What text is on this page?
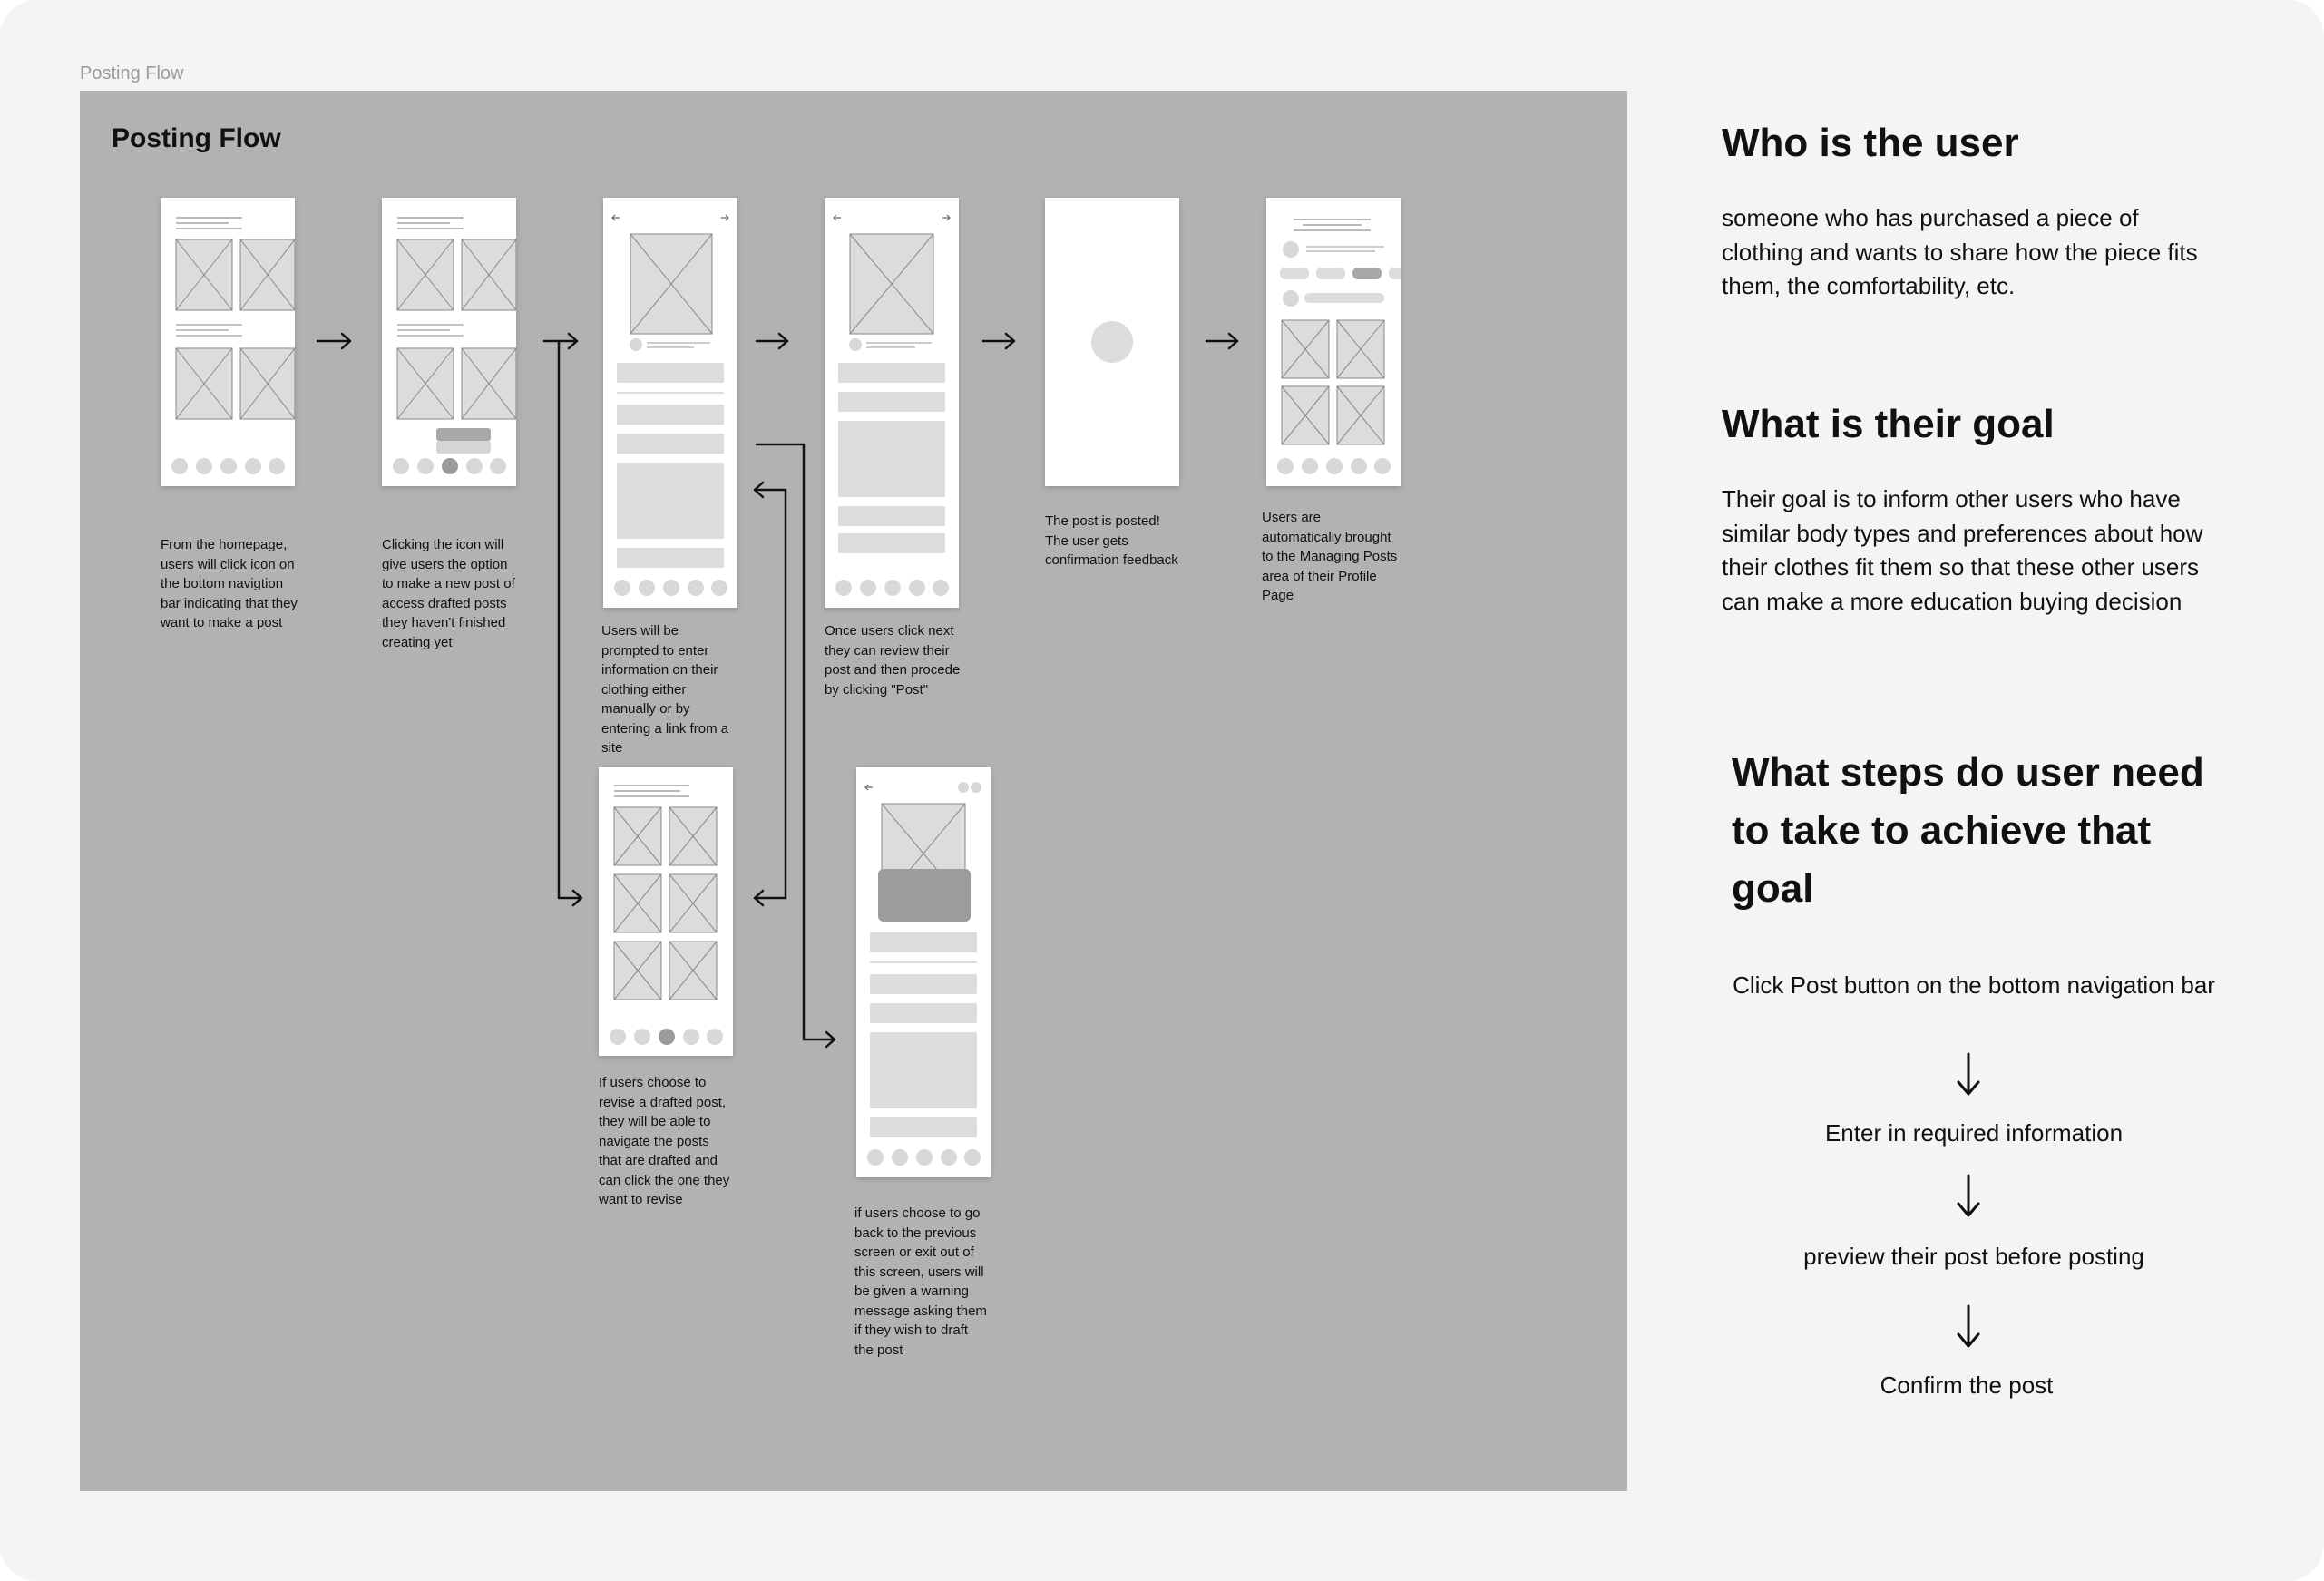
Posting Flow
Posting Flow
From the homepage, users will click icon on the bottom navigtion bar indicating that they want to make a post
Clicking the icon will give users the option to make a new post of access drafted posts they haven't finished creating yet
Users will be prompted to enter information on their clothing either manually or by entering a link from a site
Once users click next they can review their post and then procede by clicking "Post"
The post is posted! The user gets confirmation feedback
Users are automatically brought to the Managing Posts area of their Profile Page
If users choose to revise a drafted post, they will be able to navigate the posts that are drafted and can click the one they want to revise
if users choose to go back to the previous screen or exit out of this screen, users will be given a warning message asking them if they wish to draft the post
Who is the user

someone who has purchased a piece of clothing and wants to share how the piece fits them, the comfortability, etc.

What is their goal

Their goal is to inform other users who have similar body types and preferences about how their clothes fit them so that these other users can make a more education buying decision

What steps do user need to take to achieve that goal
Click Post button on the bottom navigation bar
Enter in required information
preview their post before posting
Confirm the post
